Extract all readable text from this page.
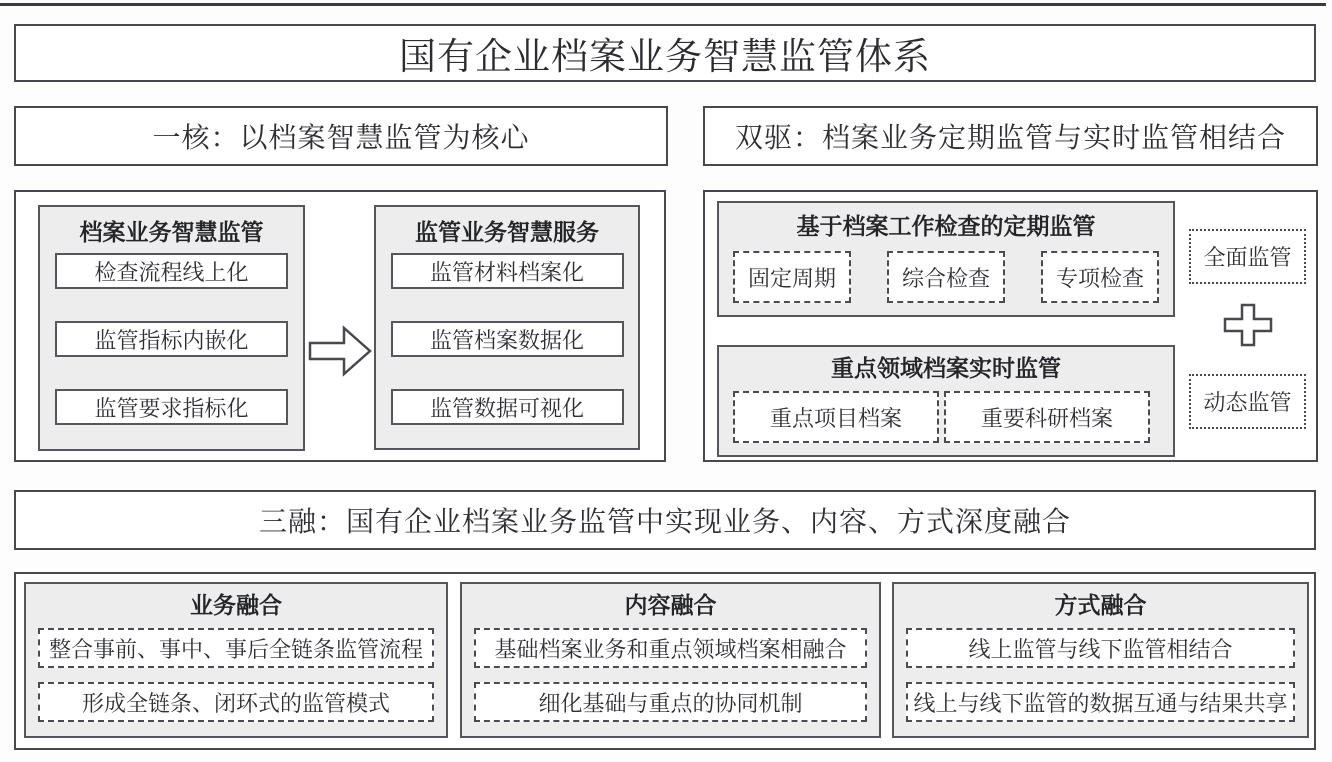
国有企业档案业务智慧监管体系
一核：以档案智慧监管为核心	双驱：档案业务定期监管与实时监管相结合
档案业务智慧监管
检查流程线上化
监管指标内嵌化
监管要求指标化
监管业务智慧服务
监管材料档案化
监管档案数据化
监管数据可视化
基于档案工作检查的定期监管
固定周期	综合检查	专项检查
重点领域档案实时监管
重点项目档案	重要科研档案
全面监管
动态监管
三融：国有企业档案业务监管中实现业务、内容、方式深度融合
业务融合
整合事前、事中、事后全链条监管流程
形成全链条、闭环式的监管模式
内容融合
基础档案业务和重点领域档案相融合
细化基础与重点的协同机制
方式融合
线上监管与线下监管相结合
线上与线下监管的数据互通与结果共享
